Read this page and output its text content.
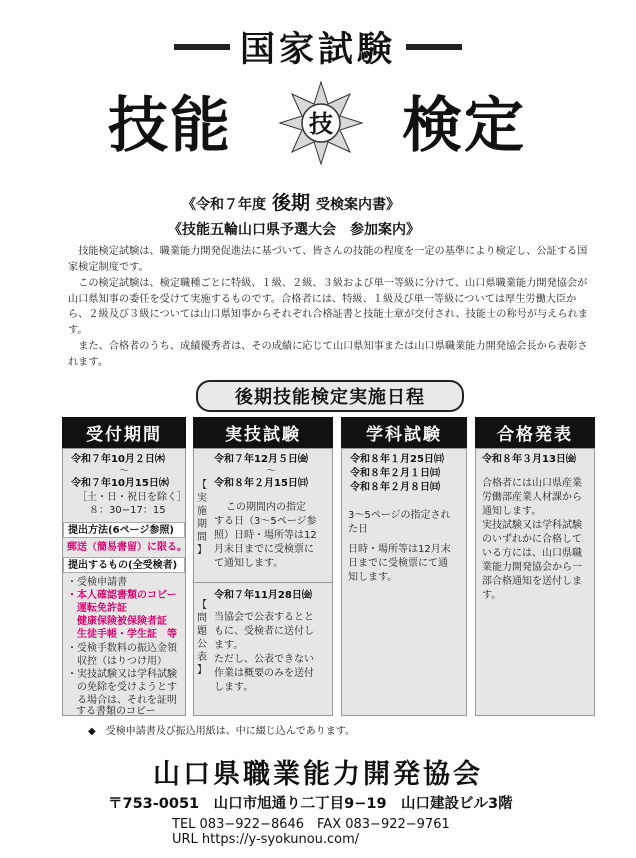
国家試験
技能	技 検定
《令和７年度 後期 受検案内書》
《技能五輪山口県予選大会　参加案内》

技能検定試験は、職業能力開発促進法に基づいて、皆さんの技能の程度を一定の基準により検定し、公証する国家検定制度です。

この検定試験は、検定職種ごとに特級、１級、２級、３級および単一等級に分けて、山口県職業能力開発協会が山口県知事の委任を受けて実施するものです。合格者には、特級、１級及び単一等級については厚生労働大臣から、２級及び３級については山口県知事からそれぞれ合格証書と技能士章が交付され、技能士の称号が与えられます。

また、合格者のうち、成績優秀者は、その成績に応じて山口県知事または山口県職業能力開発協会長から表彰されます。

後期技能検定実施日程
受付期間
令和７年10月２日㈭
～
令和７年10月15日㈬
［土・日・祝日を除く］
８：30−17：15
提出方法(6ページ参照)
郵送（簡易書留）に限る。
提出するもの(全受検者)
・受検申請書
・本人確認書類のコピー
運転免許証
健康保険被保険者証
生徒手帳・学生証　等
・受検手数料の振込金領
収控（はりつけ用）
・実技試験又は学科試験
の免除を受けようとす
る場合は、それを証明
する書類のコピー
実技試験
【
実
施
期
間
】
令和７年12月５日㈮
～
令和８年２月15日㈰
この期間内の指定
する日（3～5ページ参
照）日時・場所等は12
月末日までに受検票に
て通知します。
【
問
題
公
表
】
令和７年11月28日㈮
当協会で公表するとと
もに、受検者に送付し
ます。
ただし、公表できない
作業は概要のみを送付
します。
学科試験
令和８年１月25日㈰
令和８年２月１日㈰
令和８年２月８日㈰
3～5ページの指定され
た日
日時・場所等は12月末
日までに受検票にて通
知します。
合格発表
令和８年３月13日㈮
合格者には山口県産業
労働部産業人材課から
通知します。
実技試験又は学科試験
のいずれかに合格して
いる方には、山口県職
業能力開発協会から一
部合格通知を送付しま
す。
◆　受検申請書及び振込用紙は、中に綴じ込んであります。
山口県職業能力開発協会
〒753-0051　山口市旭通り二丁目9−19　山口建設ビル3階
TEL 083−922−8646　FAX 083−922−9761
URL https://y-syokunou.com/
